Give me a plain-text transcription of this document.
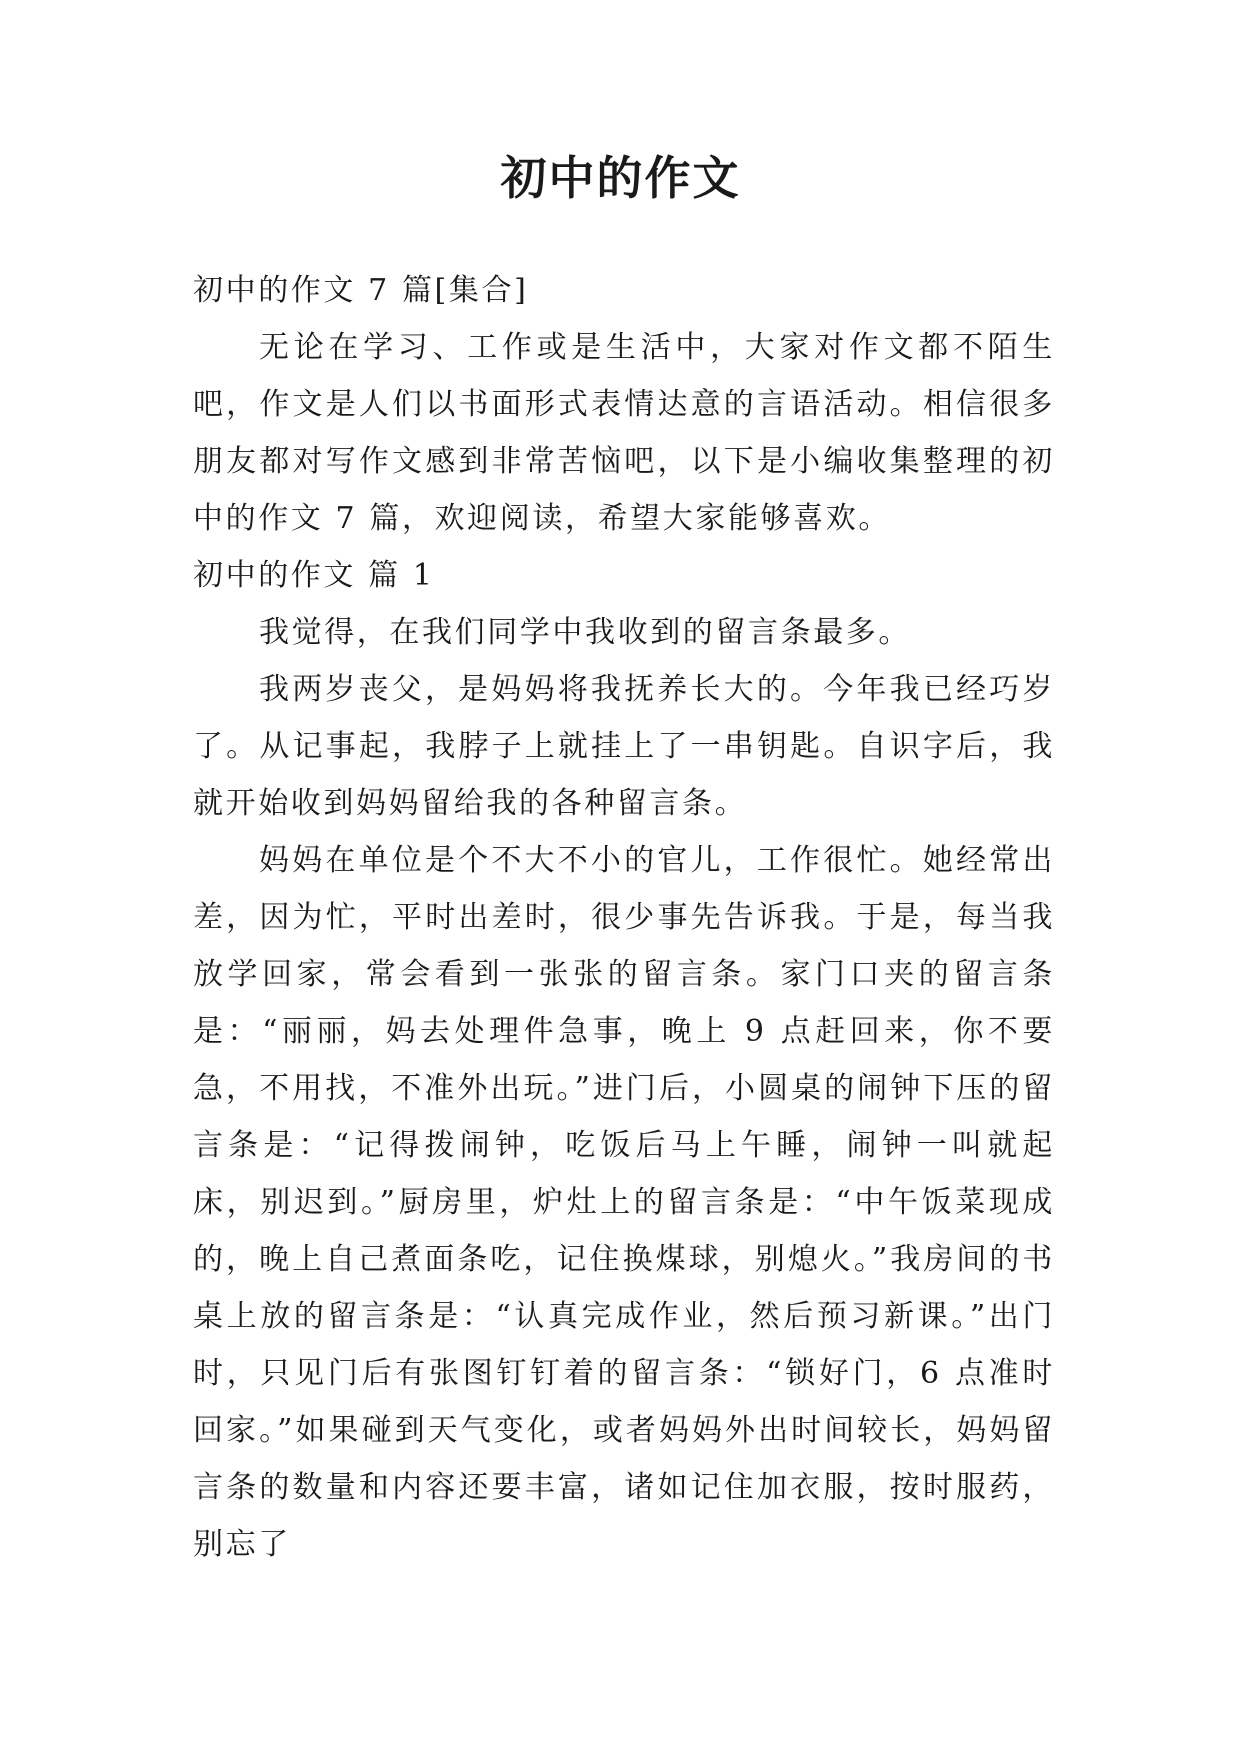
初中的作文

初中的作文 7 篇[集合]

无论在学习、工作或是生活中，大家对作文都不陌生吧，作文是人们以书面形式表情达意的言语活动。相信很多朋友都对写作文感到非常苦恼吧，以下是小编收集整理的初中的作文 7 篇，欢迎阅读，希望大家能够喜欢。

初中的作文 篇 1

我觉得，在我们同学中我收到的留言条最多。

我两岁丧父，是妈妈将我抚养长大的。今年我已经巧岁了。从记事起，我脖子上就挂上了一串钥匙。自识字后，我就开始收到妈妈留给我的各种留言条。

妈妈在单位是个不大不小的官儿，工作很忙。她经常出差，因为忙，平时出差时，很少事先告诉我。于是，每当我放学回家，常会看到一张张的留言条。家门口夹的留言条是：“丽丽，妈去处理件急事，晚上 9 点赶回来，你不要急，不用找，不准外出玩。”进门后，小圆桌的闹钟下压的留言条是：“记得拨闹钟，吃饭后马上午睡，闹钟一叫就起床，别迟到。”厨房里，炉灶上的留言条是：“中午饭菜现成的，晚上自己煮面条吃，记住换煤球，别熄火。”我房间的书桌上放的留言条是：“认真完成作业，然后预习新课。”出门时，只见门后有张图钉钉着的留言条：“锁好门，6 点准时回家。”如果碰到天气变化，或者妈妈外出时间较长，妈妈留言条的数量和内容还要丰富，诸如记住加衣服，按时服药，别忘了
